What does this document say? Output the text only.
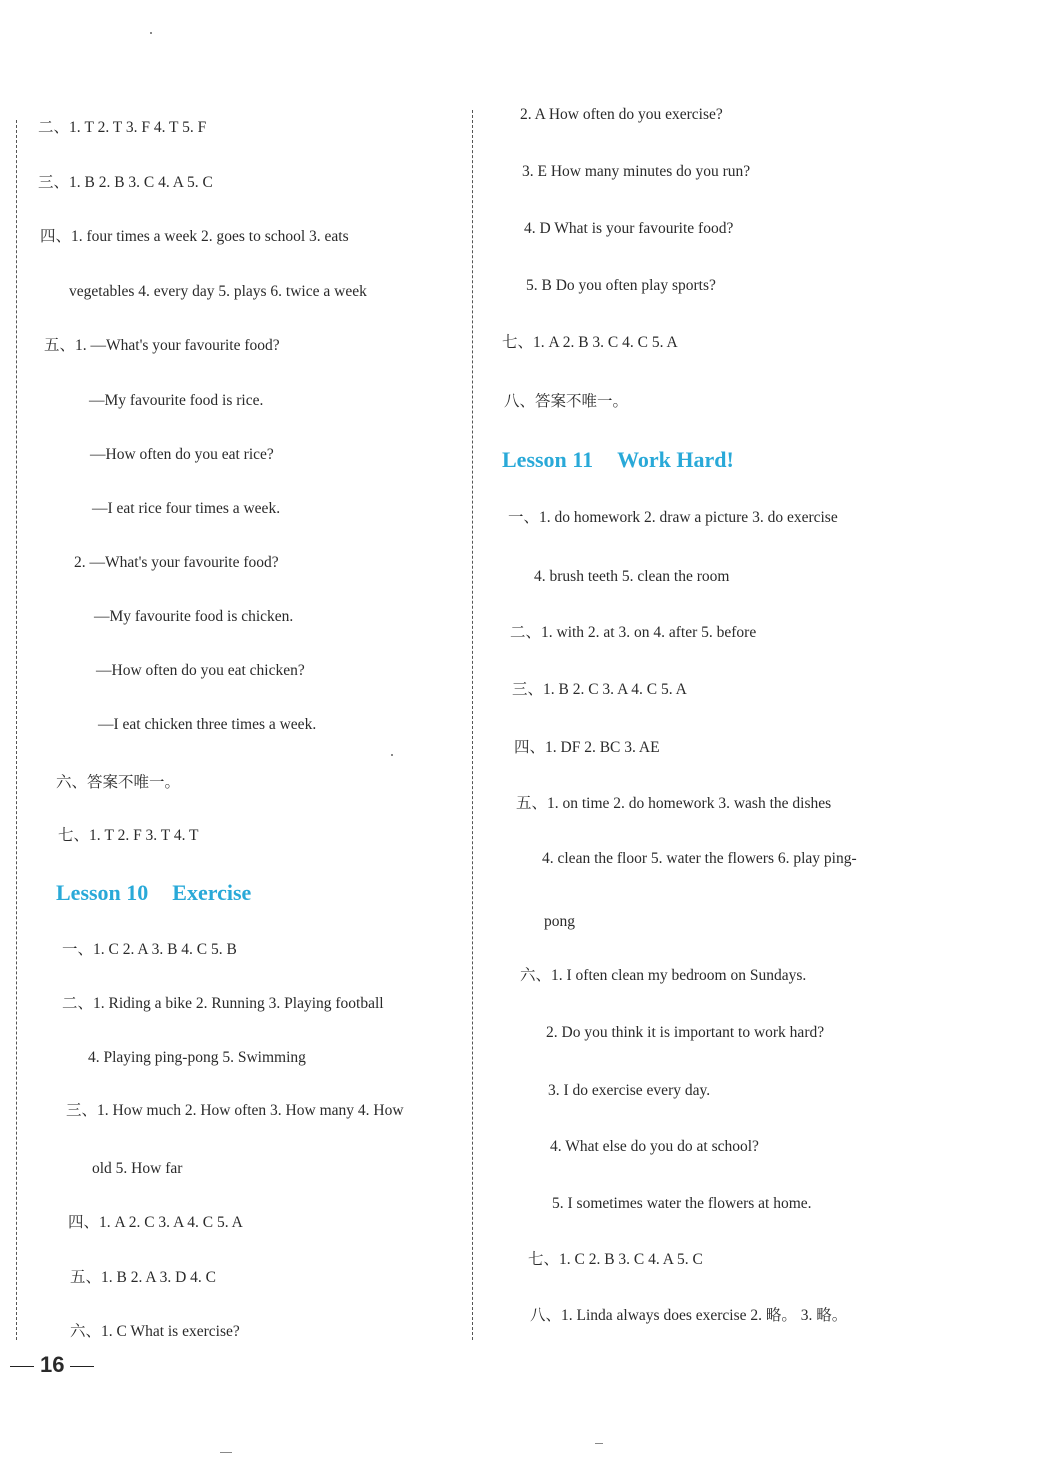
二、1. T 2. T 3. F 4. T 5. F
三、1. B 2. B 3. C 4. A 5. C
四、1. four times a week 2. goes to school 3. eats
vegetables 4. every day 5. plays 6. twice a week
五、1. —What's your favourite food?
—My favourite food is rice.
—How often do you eat rice?
—I eat rice four times a week.
2. —What's your favourite food?
—My favourite food is chicken.
—How often do you eat chicken?
—I eat chicken three times a week.
六、答案不唯一。
七、1. T 2. F 3. T 4. T
Lesson 10 Exercise
一、1. C 2. A 3. B 4. C 5. B
二、1. Riding a bike 2. Running 3. Playing football
4. Playing ping-pong 5. Swimming
三、1. How much 2. How often 3. How many 4. How
old 5. How far
四、1. A 2. C 3. A 4. C 5. A
五、1. B 2. A 3. D 4. C
六、1. C What is exercise?
2. A How often do you exercise?
3. E How many minutes do you run?
4. D What is your favourite food?
5. B Do you often play sports?
七、1. A 2. B 3. C 4. C 5. A
八、答案不唯一。
Lesson 11 Work Hard!
一、1. do homework 2. draw a picture 3. do exercise
4. brush teeth 5. clean the room
二、1. with 2. at 3. on 4. after 5. before
三、1. B 2. C 3. A 4. C 5. A
四、1. DF 2. BC 3. AE
五、1. on time 2. do homework 3. wash the dishes
4. clean the floor 5. water the flowers 6. play ping-
pong
六、1. I often clean my bedroom on Sundays.
2. Do you think it is important to work hard?
3. I do exercise every day.
4. What else do you do at school?
5. I sometimes water the flowers at home.
七、1. C 2. B 3. C 4. A 5. C
八、1. Linda always does exercise 2. 略。 3. 略。
16
